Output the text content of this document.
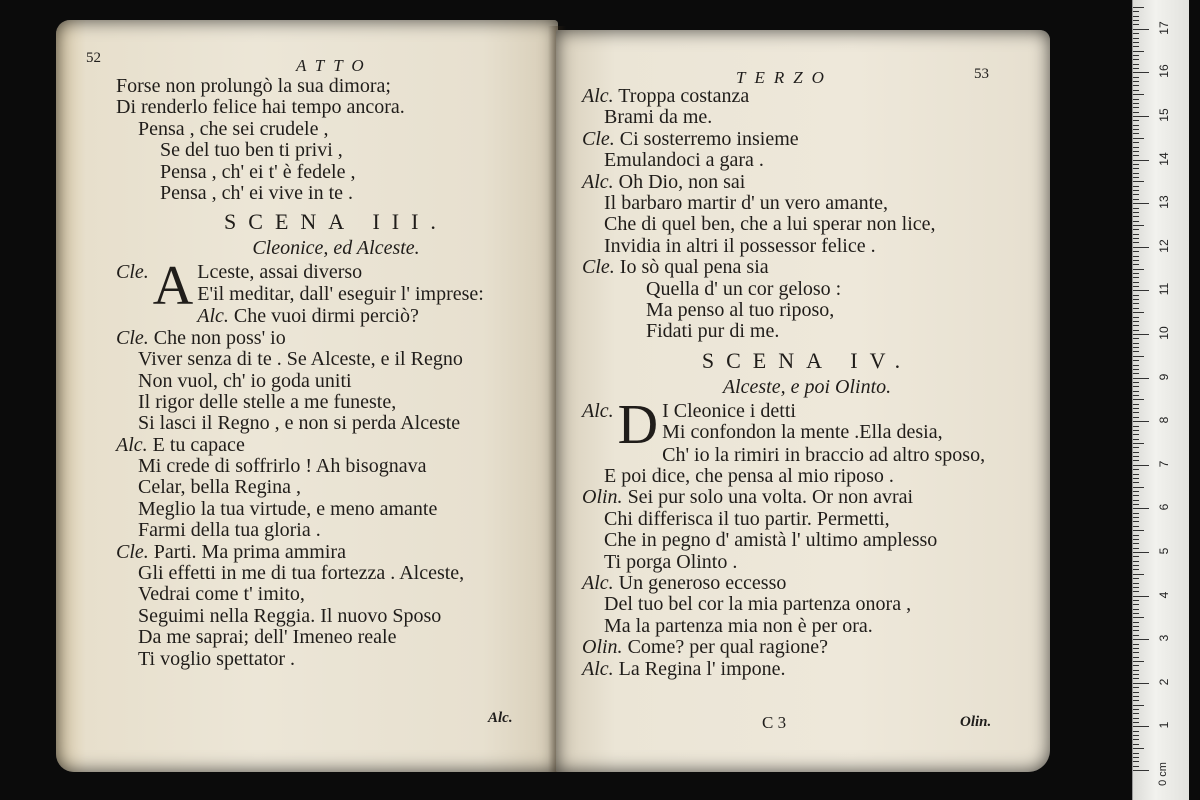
52	ATTO
Forse non prolungò la sua dimora;
Di renderlo felice hai tempo ancora.
Pensa , che sei crudele ,
Se del tuo ben ti privi ,
Pensa , ch' ei t' è fedele ,
Pensa , ch' ei vive in te .
SCENA III.
Cleonice, ed Alceste.
Cle. A Lceste, assai diverso
E'il meditar, dall' eseguir l' imprese:
Alc. Che vuoi dirmi perciò?
Cle. Che non poss' io
Viver senza di te . Se Alceste, e il Regno
Non vuol, ch' io goda uniti
Il rigor delle stelle a me funeste,
Si lasci il Regno , e non si perda Alceste
Alc. E tu capace
Mi crede di soffrirlo ! Ah bisognava
Celar, bella Regina ,
Meglio la tua virtude, e meno amante
Farmi della tua gloria .
Cle. Parti. Ma prima ammira
Gli effetti in me di tua fortezza . Alceste,
Vedrai come t' imito,
Seguimi nella Reggia. Il nuovo Sposo
Da me saprai; dell' Imeneo reale
Ti voglio spettator .
Alc.
TERZO	53
Alc. Troppa costanza
Brami da me.
Cle. Ci sosterremo insieme
Emulandoci a gara .
Alc. Oh Dio, non sai
Il barbaro martir d' un vero amante,
Che di quel ben, che a lui sperar non lice,
Invidia in altri il possessor felice .
Cle. Io sò qual pena sia
Quella d' un cor geloso :
Ma penso al tuo riposo,
Fidati pur di me.
SCENA IV.
Alceste, e poi Olinto.
Alc. D I Cleonice i detti
Mi confondon la mente .Ella desia,
Ch' io la rimiri in braccio ad altro sposo,
E poi dice, che pensa al mio riposo .
Olin. Sei pur solo una volta. Or non avrai
Chi differisca il tuo partir. Permetti,
Che in pegno d' amistà l' ultimo amplesso
Ti porga Olinto .
Alc. Un generoso eccesso
Del tuo bel cor la mia partenza onora ,
Ma la partenza mia non è per ora.
Olin. Come? per qual ragione?
Alc. La Regina l' impone.
C 3	Olin.
0 cm
1
2
3
4
5
6
7
8
9
10
11
12
13
14
15
16
17
